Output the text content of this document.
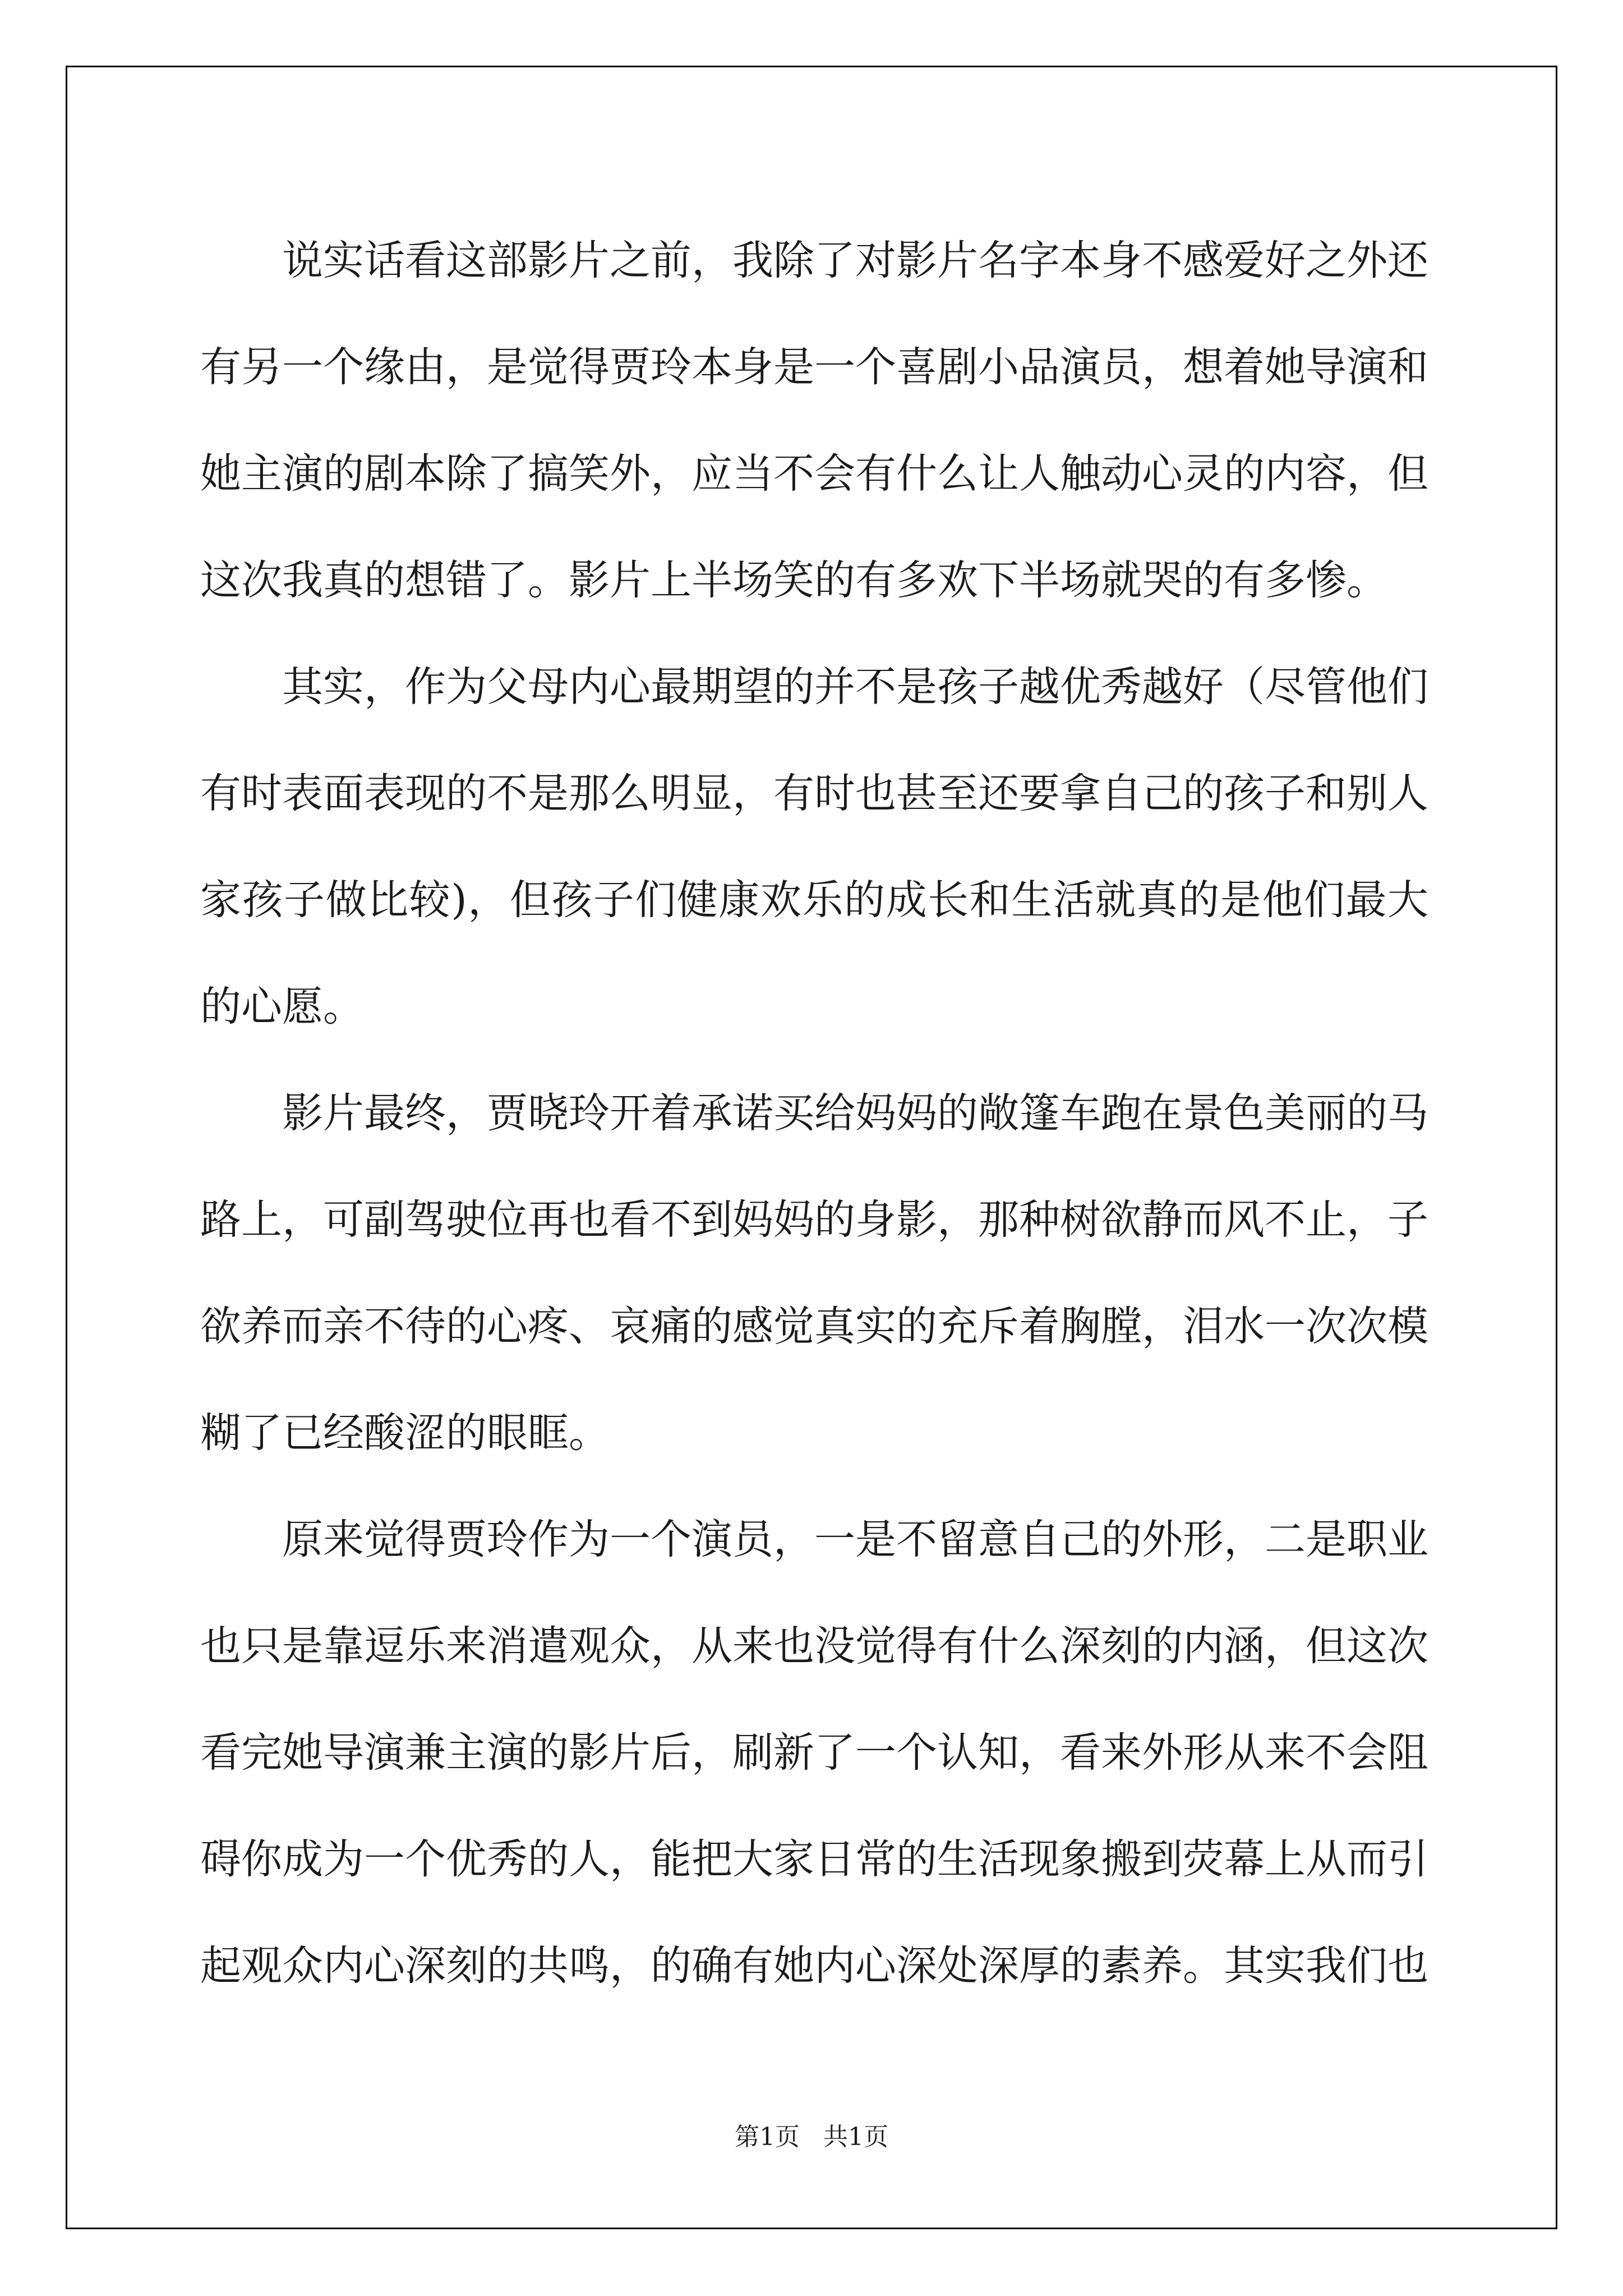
说实话看这部影片之前，我除了对影片名字本身不感爱好之外还有另一个缘由，是觉得贾玲本身是一个喜剧小品演员，想着她导演和她主演的剧本除了搞笑外，应当不会有什么让人触动心灵的内容，但这次我真的想错了。影片上半场笑的有多欢下半场就哭的有多惨。

其实，作为父母内心最期望的并不是孩子越优秀越好（尽管他们有时表面表现的不是那么明显，有时也甚至还要拿自己的孩子和别人家孩子做比较)，但孩子们健康欢乐的成长和生活就真的是他们最大的心愿。

影片最终，贾晓玲开着承诺买给妈妈的敞篷车跑在景色美丽的马路上，可副驾驶位再也看不到妈妈的身影，那种树欲静而风不止，子欲养而亲不待的心疼、哀痛的感觉真实的充斥着胸膛，泪水一次次模糊了已经酸涩的眼眶。

原来觉得贾玲作为一个演员，一是不留意自己的外形，二是职业也只是靠逗乐来消遣观众，从来也没觉得有什么深刻的内涵，但这次看完她导演兼主演的影片后，刷新了一个认知，看来外形从来不会阻碍你成为一个优秀的人，能把大家日常的生活现象搬到荧幕上从而引起观众内心深刻的共鸣，的确有她内心深处深厚的素养。其实我们也

第1页 共1页
